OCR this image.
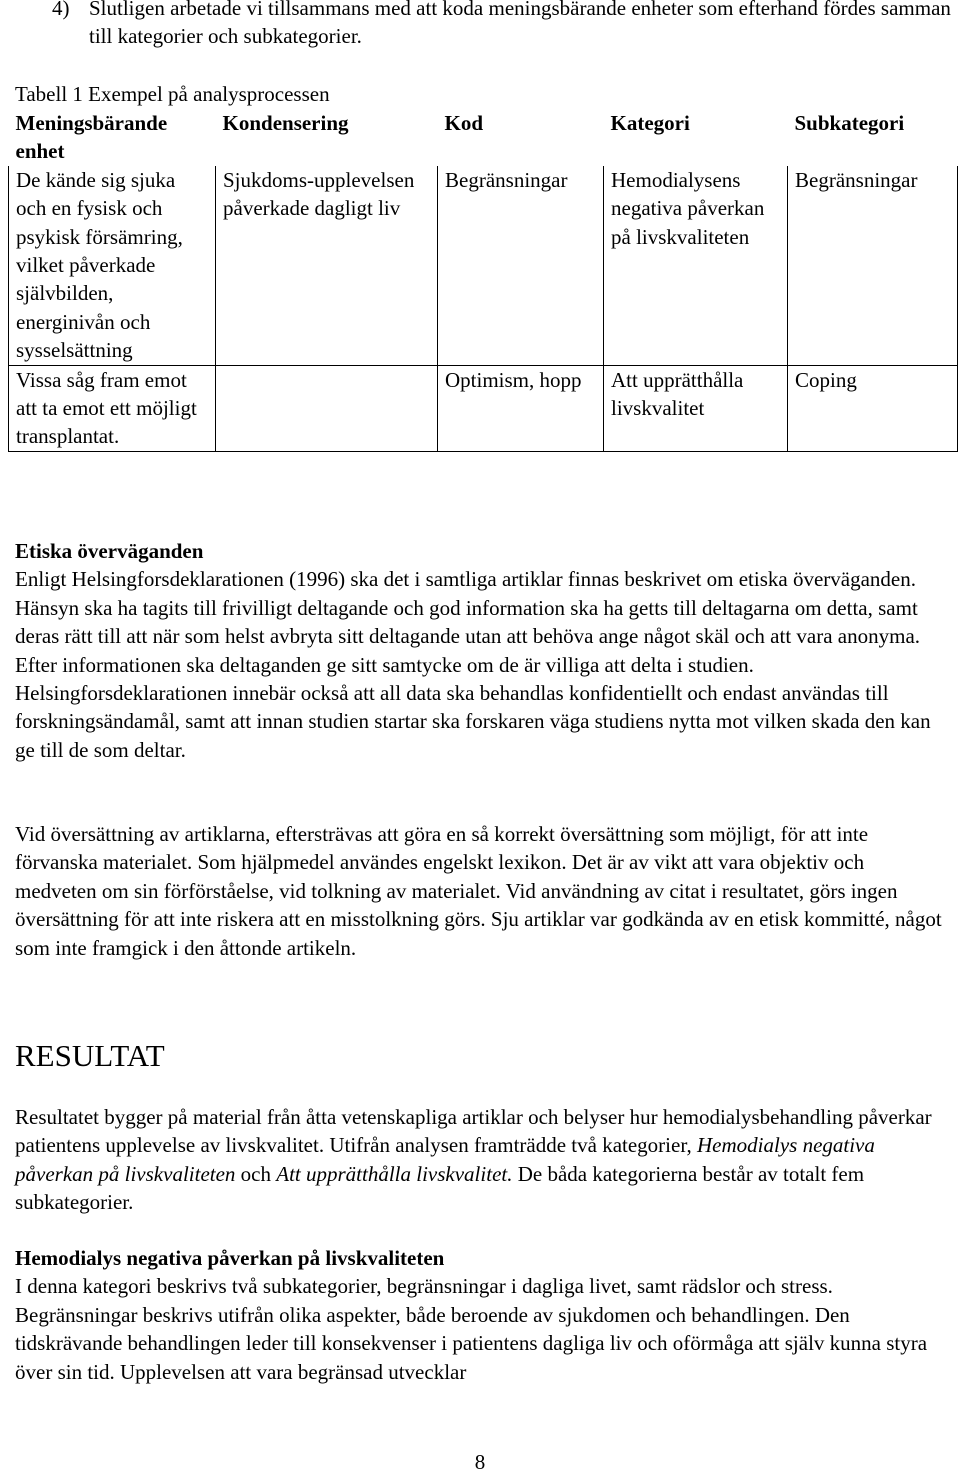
4) Slutligen arbetade vi tillsammans med att koda meningsbärande enheter som efterhand fördes samman till kategorier och subkategorier.
Tabell 1 Exempel på analysprocessen
Meningsbärande enhet	Kondensering	Kod	Kategori	Subkategori
De kände sig sjuka och en fysisk och psykisk försämring, vilket påverkade självbilden, energinivån och sysselsättning	Sjukdoms-upplevelsen påverkade dagligt liv	Begränsningar	Hemodialysens negativa påverkan på livskvaliteten	Begränsningar
Vissa såg fram emot att ta emot ett möjligt transplantat.		Optimism, hopp	Att upprätthålla livskvalitet	Coping
Etiska överväganden

Enligt Helsingforsdeklarationen (1996) ska det i samtliga artiklar finnas beskrivet om etiska överväganden. Hänsyn ska ha tagits till frivilligt deltagande och god information ska ha getts till deltagarna om detta, samt deras rätt till att när som helst avbryta sitt deltagande utan att behöva ange något skäl och att vara anonyma. Efter informationen ska deltaganden ge sitt samtycke om de är villiga att delta i studien. Helsingforsdeklarationen innebär också att all data ska behandlas konfidentiellt och endast användas till forskningsändamål, samt att innan studien startar ska forskaren väga studiens nytta mot vilken skada den kan ge till de som deltar.

Vid översättning av artiklarna, eftersträvas att göra en så korrekt översättning som möjligt, för att inte förvanska materialet. Som hjälpmedel användes engelskt lexikon. Det är av vikt att vara objektiv och medveten om sin förförståelse, vid tolkning av materialet. Vid användning av citat i resultatet, görs ingen översättning för att inte riskera att en misstolkning görs. Sju artiklar var godkända av en etisk kommitté, något som inte framgick i den åttonde artikeln.

RESULTAT

Resultatet bygger på material från åtta vetenskapliga artiklar och belyser hur hemodialysbehandling påverkar patientens upplevelse av livskvalitet. Utifrån analysen framträdde två kategorier, Hemodialys negativa påverkan på livskvaliteten och Att upprätthålla livskvalitet. De båda kategorierna består av totalt fem subkategorier.

Hemodialys negativa påverkan på livskvaliteten

I denna kategori beskrivs två subkategorier, begränsningar i dagliga livet, samt rädslor och stress. Begränsningar beskrivs utifrån olika aspekter, både beroende av sjukdomen och behandlingen. Den tidskrävande behandlingen leder till konsekvenser i patientens dagliga liv och oförmåga att själv kunna styra över sin tid. Upplevelsen att vara begränsad utvecklar

8
